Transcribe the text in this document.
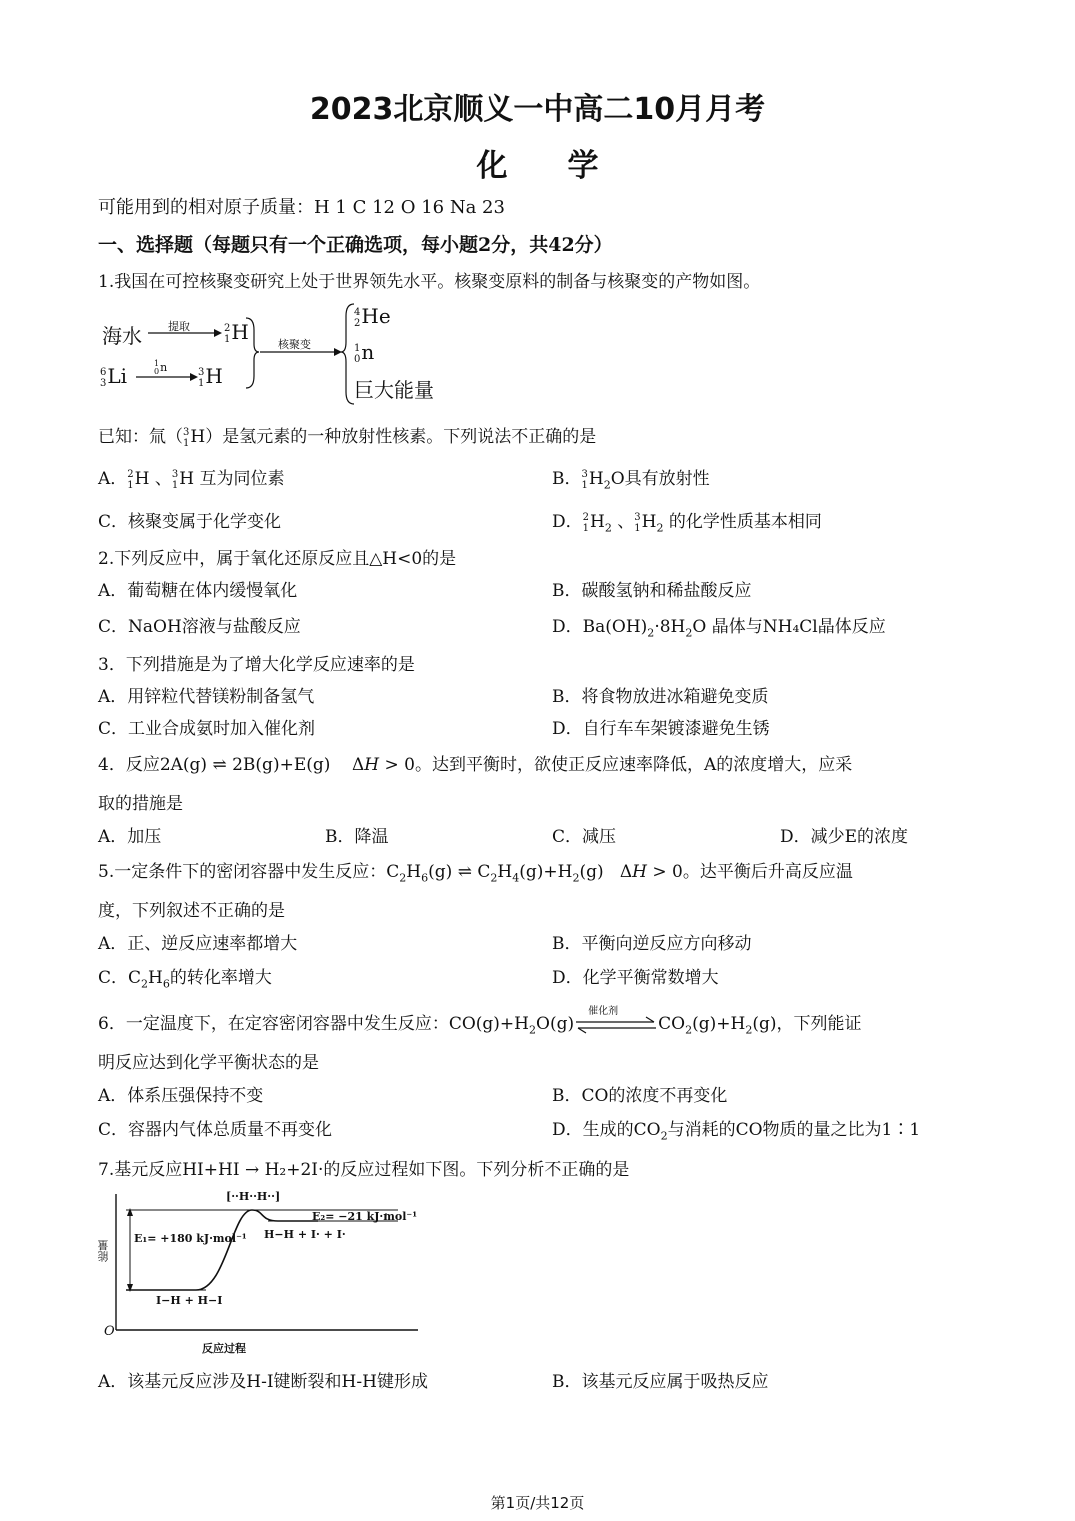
2023北京顺义一中高二10月月考
化学
可能用到的相对原子质量：H 1 C 12 O 16 Na 23
一、选择题（每题只有一个正确选项，每小题2分，共42分）
1.我国在可控核聚变研究上处于世界领先水平。核聚变原料的制备与核聚变的产物如图。
海水 提取	2
1 H
6
3 Li
1
0 n	3
1 H
核聚变
4
2 He
1
0 n
巨大能量
已知：氚（ 3
1 H）是氢元素的一种放射性核素。下列说法不正确的是
A． 2
1 H 、 3
1 H 互为同位素	B． 3
1 $H_2O$具有放射性
C．核聚变属于化学变化	D． 2
1 $H_2$ 、 3
1 $H_2$ 的化学性质基本相同
2.下列反应中，属于氧化还原反应且△H<0的是
A．葡萄糖在体内缓慢氧化	B．碳酸氢钠和稀盐酸反应
C．NaOH溶液与盐酸反应	D．$Ba(OH)_2\cdot 8H_2O$ 晶体与NH₄Cl晶体反应
3．下列措施是为了增大化学反应速率的是
A．用锌粒代替镁粉制备氢气	B．将食物放进冰箱避免变质
C．工业合成氨时加入催化剂	D．自行车车架镀漆避免生锈
4．反应2A(g) ⇌ 2B(g)+E(g)    ΔH > 0。达到平衡时，欲使正反应速率降低，A的浓度增大，应采
取的措施是
A．加压	B．降温	C．减压	D．减少E的浓度
5.一定条件下的密闭容器中发生反应：$C_2H_6(g)$ ⇌ $C_2H_4(g)+H_2(g) \Delta H > 0$。达平衡后升高反应温
度，下列叙述不正确的是
A．正、逆反应速率都增大	B．平衡向逆反应方向移动
C．$C_2H_6$的转化率增大	D．化学平衡常数增大
6．一定温度下，在定容密闭容器中发生反应：$CO(g)+H_2O(g)$
催化剂
$CO_2(g)+H_2(g)$，下列能证
明反应达到化学平衡状态的是
A．体系压强保持不变	B．CO的浓度不再变化
C．容器内气体总质量不再变化	D．生成的$CO_2$与消耗的CO物质的量之比为1∶1
7.基元反应HI+HI → H₂+2I·的反应过程如下图。下列分析不正确的是
能量
O
[··H··H··]
E₁= +180 kJ·mol⁻¹
E₂= −21 kJ·mol⁻¹
H−H + I· + I·
I−H + H−I
反应过程
A．该基元反应涉及H-I键断裂和H-H键形成	B．该基元反应属于吸热反应
第1页/共12页
